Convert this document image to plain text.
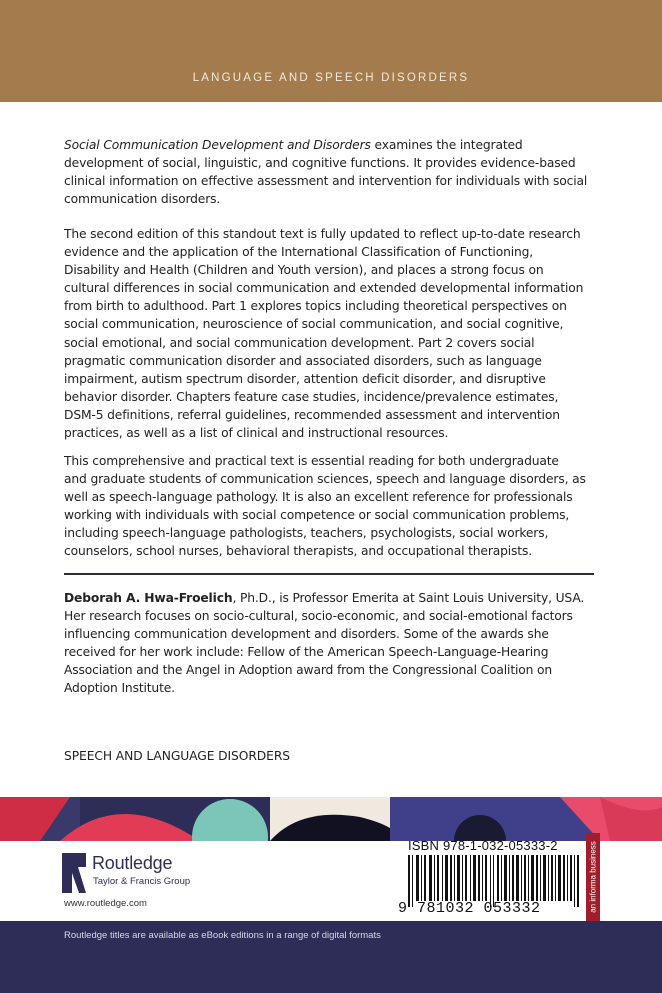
LANGUAGE AND SPEECH DISORDERS

Social Communication Development and Disorders examines the integrated

development of social, linguistic, and cognitive functions. It provides evidence-based

clinical information on effective assessment and intervention for individuals with social

communication disorders.

The second edition of this standout text is fully updated to reflect up-to-date research

evidence and the application of the International Classification of Functioning,

Disability and Health (Children and Youth version), and places a strong focus on

cultural differences in social communication and extended developmental information

from birth to adulthood. Part 1 explores topics including theoretical perspectives on

social communication, neuroscience of social communication, and social cognitive,

social emotional, and social communication development. Part 2 covers social

pragmatic communication disorder and associated disorders, such as language

impairment, autism spectrum disorder, attention deficit disorder, and disruptive

behavior disorder. Chapters feature case studies, incidence/prevalence estimates,

DSM-5 definitions, referral guidelines, recommended assessment and intervention

practices, as well as a list of clinical and instructional resources.

This comprehensive and practical text is essential reading for both undergraduate

and graduate students of communication sciences, speech and language disorders, as

well as speech-language pathology. It is also an excellent reference for professionals

working with individuals with social competence or social communication problems,

including speech-language pathologists, teachers, psychologists, social workers,

counselors, school nurses, behavioral therapists, and occupational therapists.

Deborah A. Hwa-Froelich, Ph.D., is Professor Emerita at Saint Louis University, USA.

Her research focuses on socio-cultural, socio-economic, and social-emotional factors

influencing communication development and disorders. Some of the awards she

received for her work include: Fellow of the American Speech-Language-Hearing

Association and the Angel in Adoption award from the Congressional Coalition on

Adoption Institute.

SPEECH AND LANGUAGE DISORDERS
Routledge
Taylor & Francis Group
www.routledge.com
ISBN 978-1-032-05333-2
9 781032 053332	an informa business
Routledge titles are available as eBook editions in a range of digital formats
